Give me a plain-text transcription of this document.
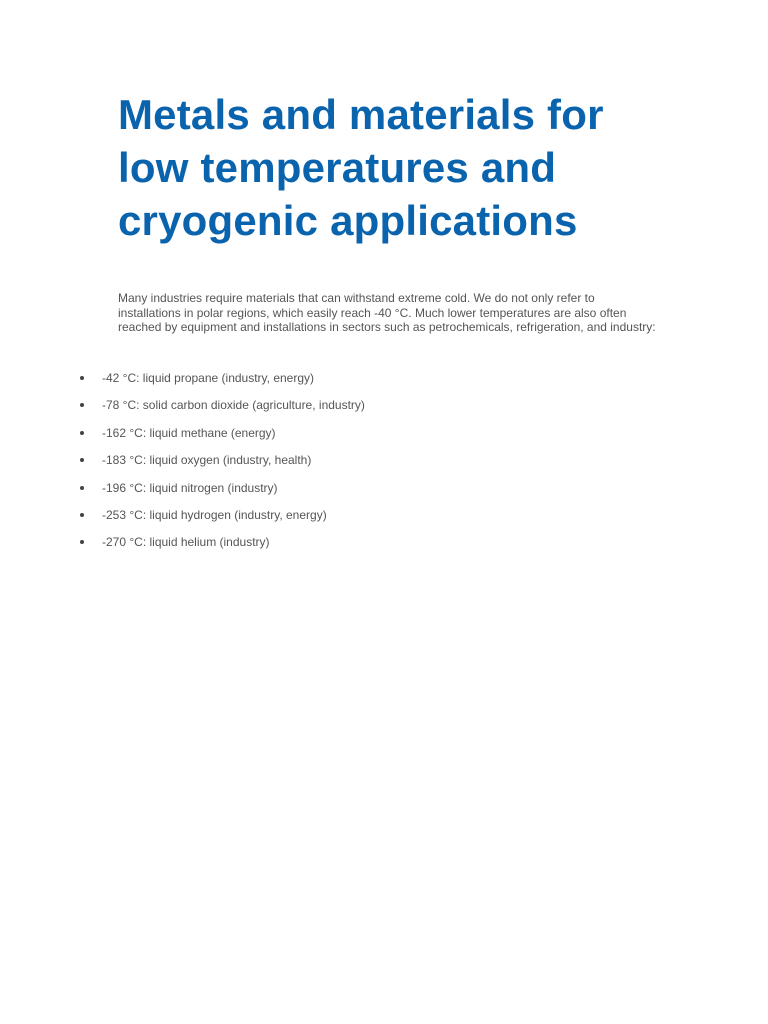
Metals and materials for low temperatures and cryogenic applications

Many industries require materials that can withstand extreme cold. We do not only refer to installations in polar regions, which easily reach -40 °C. Much lower temperatures are also often reached by equipment and installations in sectors such as petrochemicals, refrigeration, and industry:

-42 °C: liquid propane (industry, energy)
-78 °C: solid carbon dioxide (agriculture, industry)
-162 °C: liquid methane (energy)
-183 °C: liquid oxygen (industry, health)
-196 °C: liquid nitrogen (industry)
-253 °C: liquid hydrogen (industry, energy)
-270 °C: liquid helium (industry)
